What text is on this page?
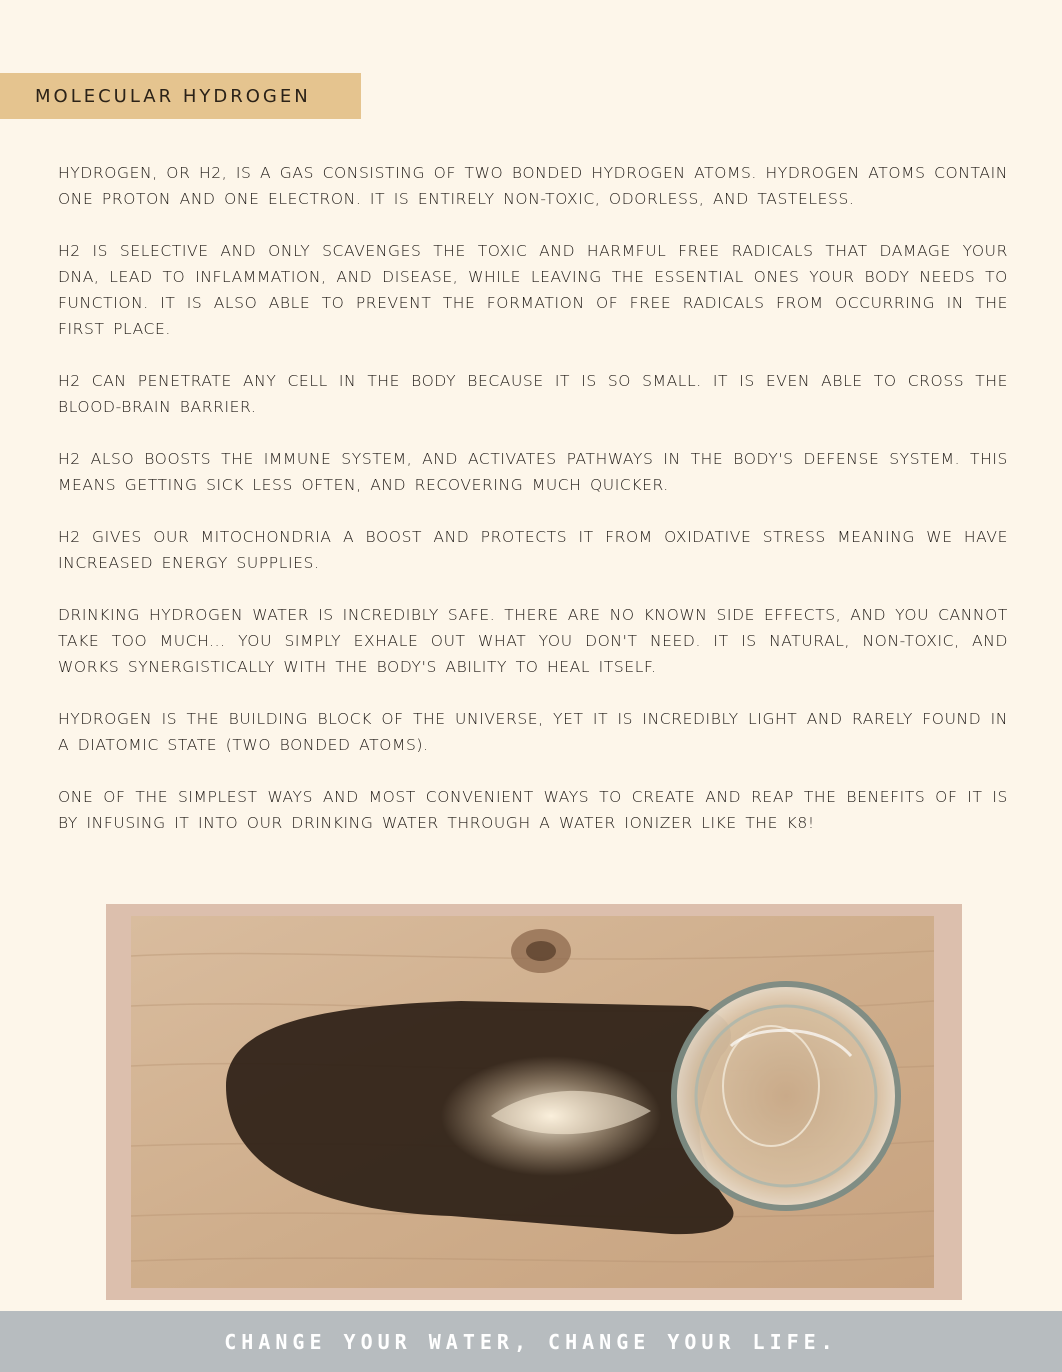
MOLECULAR HYDROGEN

HYDROGEN, OR H2, IS A GAS CONSISTING OF TWO BONDED HYDROGEN ATOMS. HYDROGEN ATOMS CONTAIN ONE PROTON AND ONE ELECTRON. IT IS ENTIRELY NON-TOXIC, ODORLESS, AND TASTELESS.

H2 IS SELECTIVE AND ONLY SCAVENGES THE TOXIC AND HARMFUL FREE RADICALS THAT DAMAGE YOUR DNA, LEAD TO INFLAMMATION, AND DISEASE, WHILE LEAVING THE ESSENTIAL ONES YOUR BODY NEEDS TO FUNCTION. IT IS ALSO ABLE TO PREVENT THE FORMATION OF FREE RADICALS FROM OCCURRING IN THE FIRST PLACE.

H2 CAN PENETRATE ANY CELL IN THE BODY BECAUSE IT IS SO SMALL. IT IS EVEN ABLE TO CROSS THE BLOOD-BRAIN BARRIER.

H2 ALSO BOOSTS THE IMMUNE SYSTEM, AND ACTIVATES PATHWAYS IN THE BODY'S DEFENSE SYSTEM. THIS MEANS GETTING SICK LESS OFTEN, AND RECOVERING MUCH QUICKER.

H2 GIVES OUR MITOCHONDRIA A BOOST AND PROTECTS IT FROM OXIDATIVE STRESS MEANING WE HAVE INCREASED ENERGY SUPPLIES.

DRINKING HYDROGEN WATER IS INCREDIBLY SAFE. THERE ARE NO KNOWN SIDE EFFECTS, AND YOU CANNOT TAKE TOO MUCH... YOU SIMPLY EXHALE OUT WHAT YOU DON'T NEED. IT IS NATURAL, NON-TOXIC, AND WORKS SYNERGISTICALLY WITH THE BODY'S ABILITY TO HEAL ITSELF.

HYDROGEN IS THE BUILDING BLOCK OF THE UNIVERSE, YET IT IS INCREDIBLY LIGHT AND RARELY FOUND IN A DIATOMIC STATE (TWO BONDED ATOMS).

ONE OF THE SIMPLEST WAYS AND MOST CONVENIENT WAYS TO CREATE AND REAP THE BENEFITS OF IT IS BY INFUSING IT INTO OUR DRINKING WATER THROUGH A WATER IONIZER LIKE THE K8!

CHANGE YOUR WATER, CHANGE YOUR LIFE.
